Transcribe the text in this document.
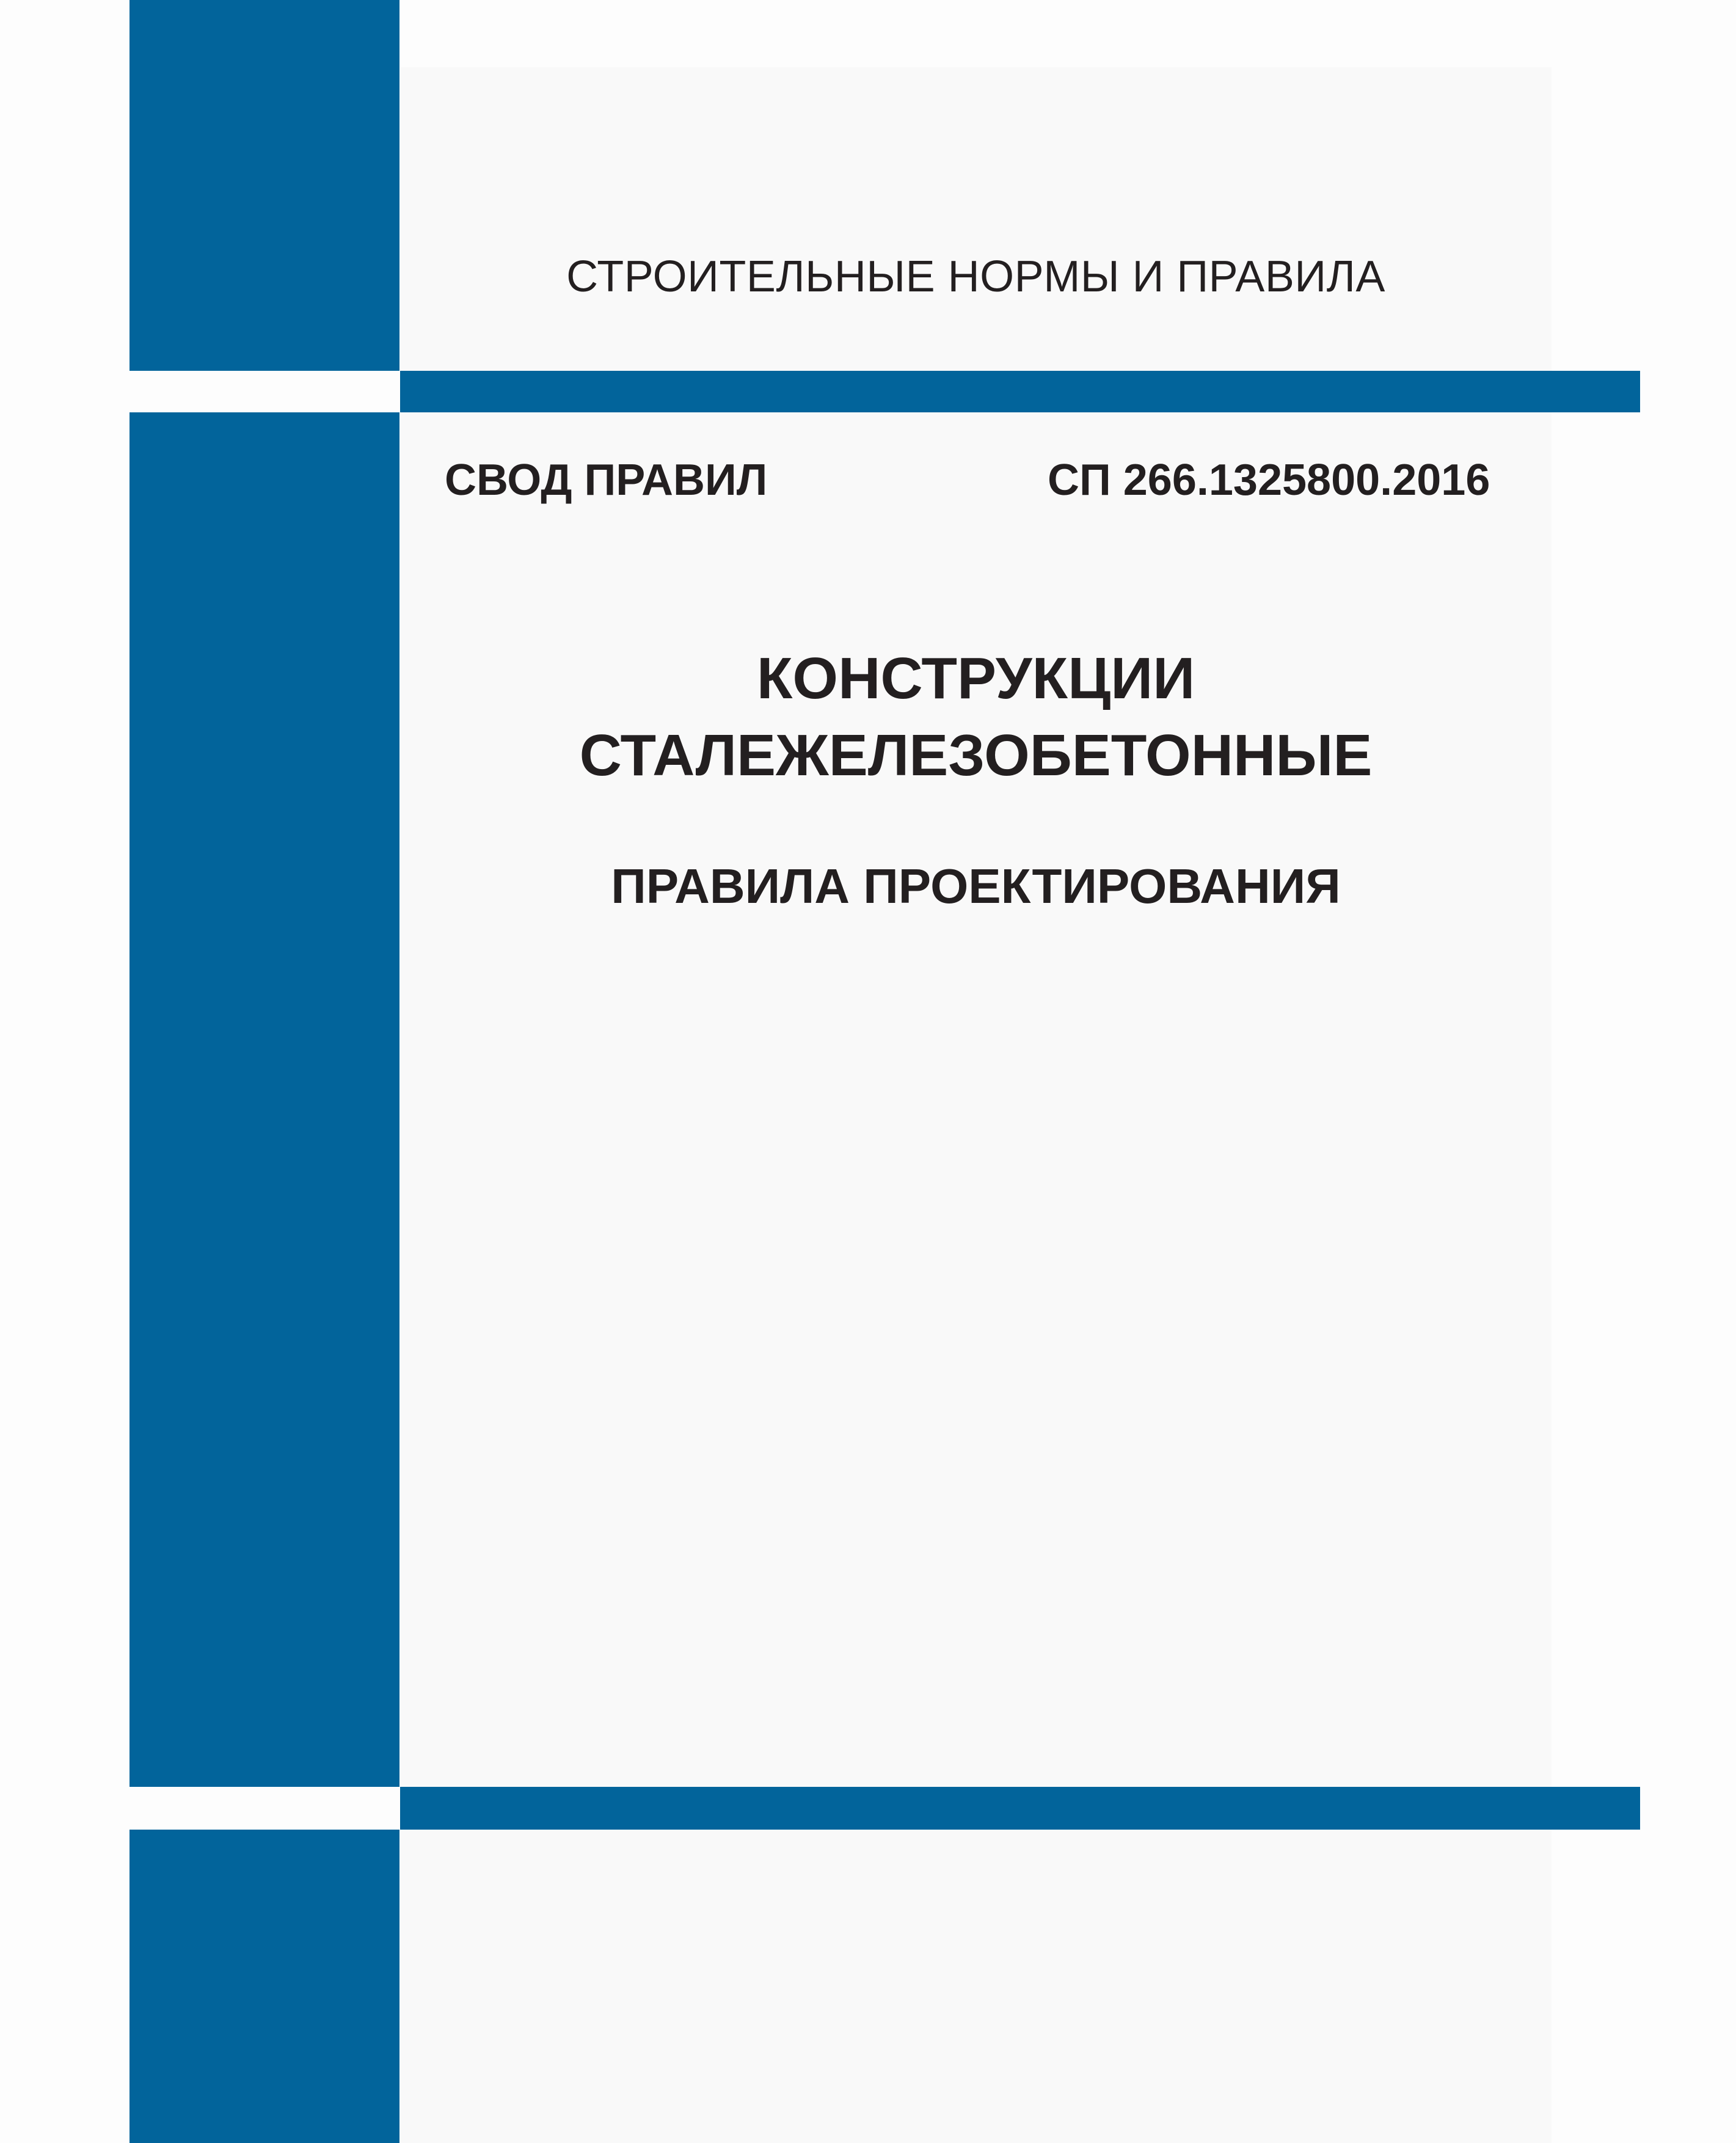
СТРОИТЕЛЬНЫЕ НОРМЫ И ПРАВИЛА
СВОД ПРАВИЛ	СП 266.1325800.2016
КОНСТРУКЦИИ
СТАЛЕЖЕЛЕЗОБЕТОННЫЕ
ПРАВИЛА ПРОЕКТИРОВАНИЯ
